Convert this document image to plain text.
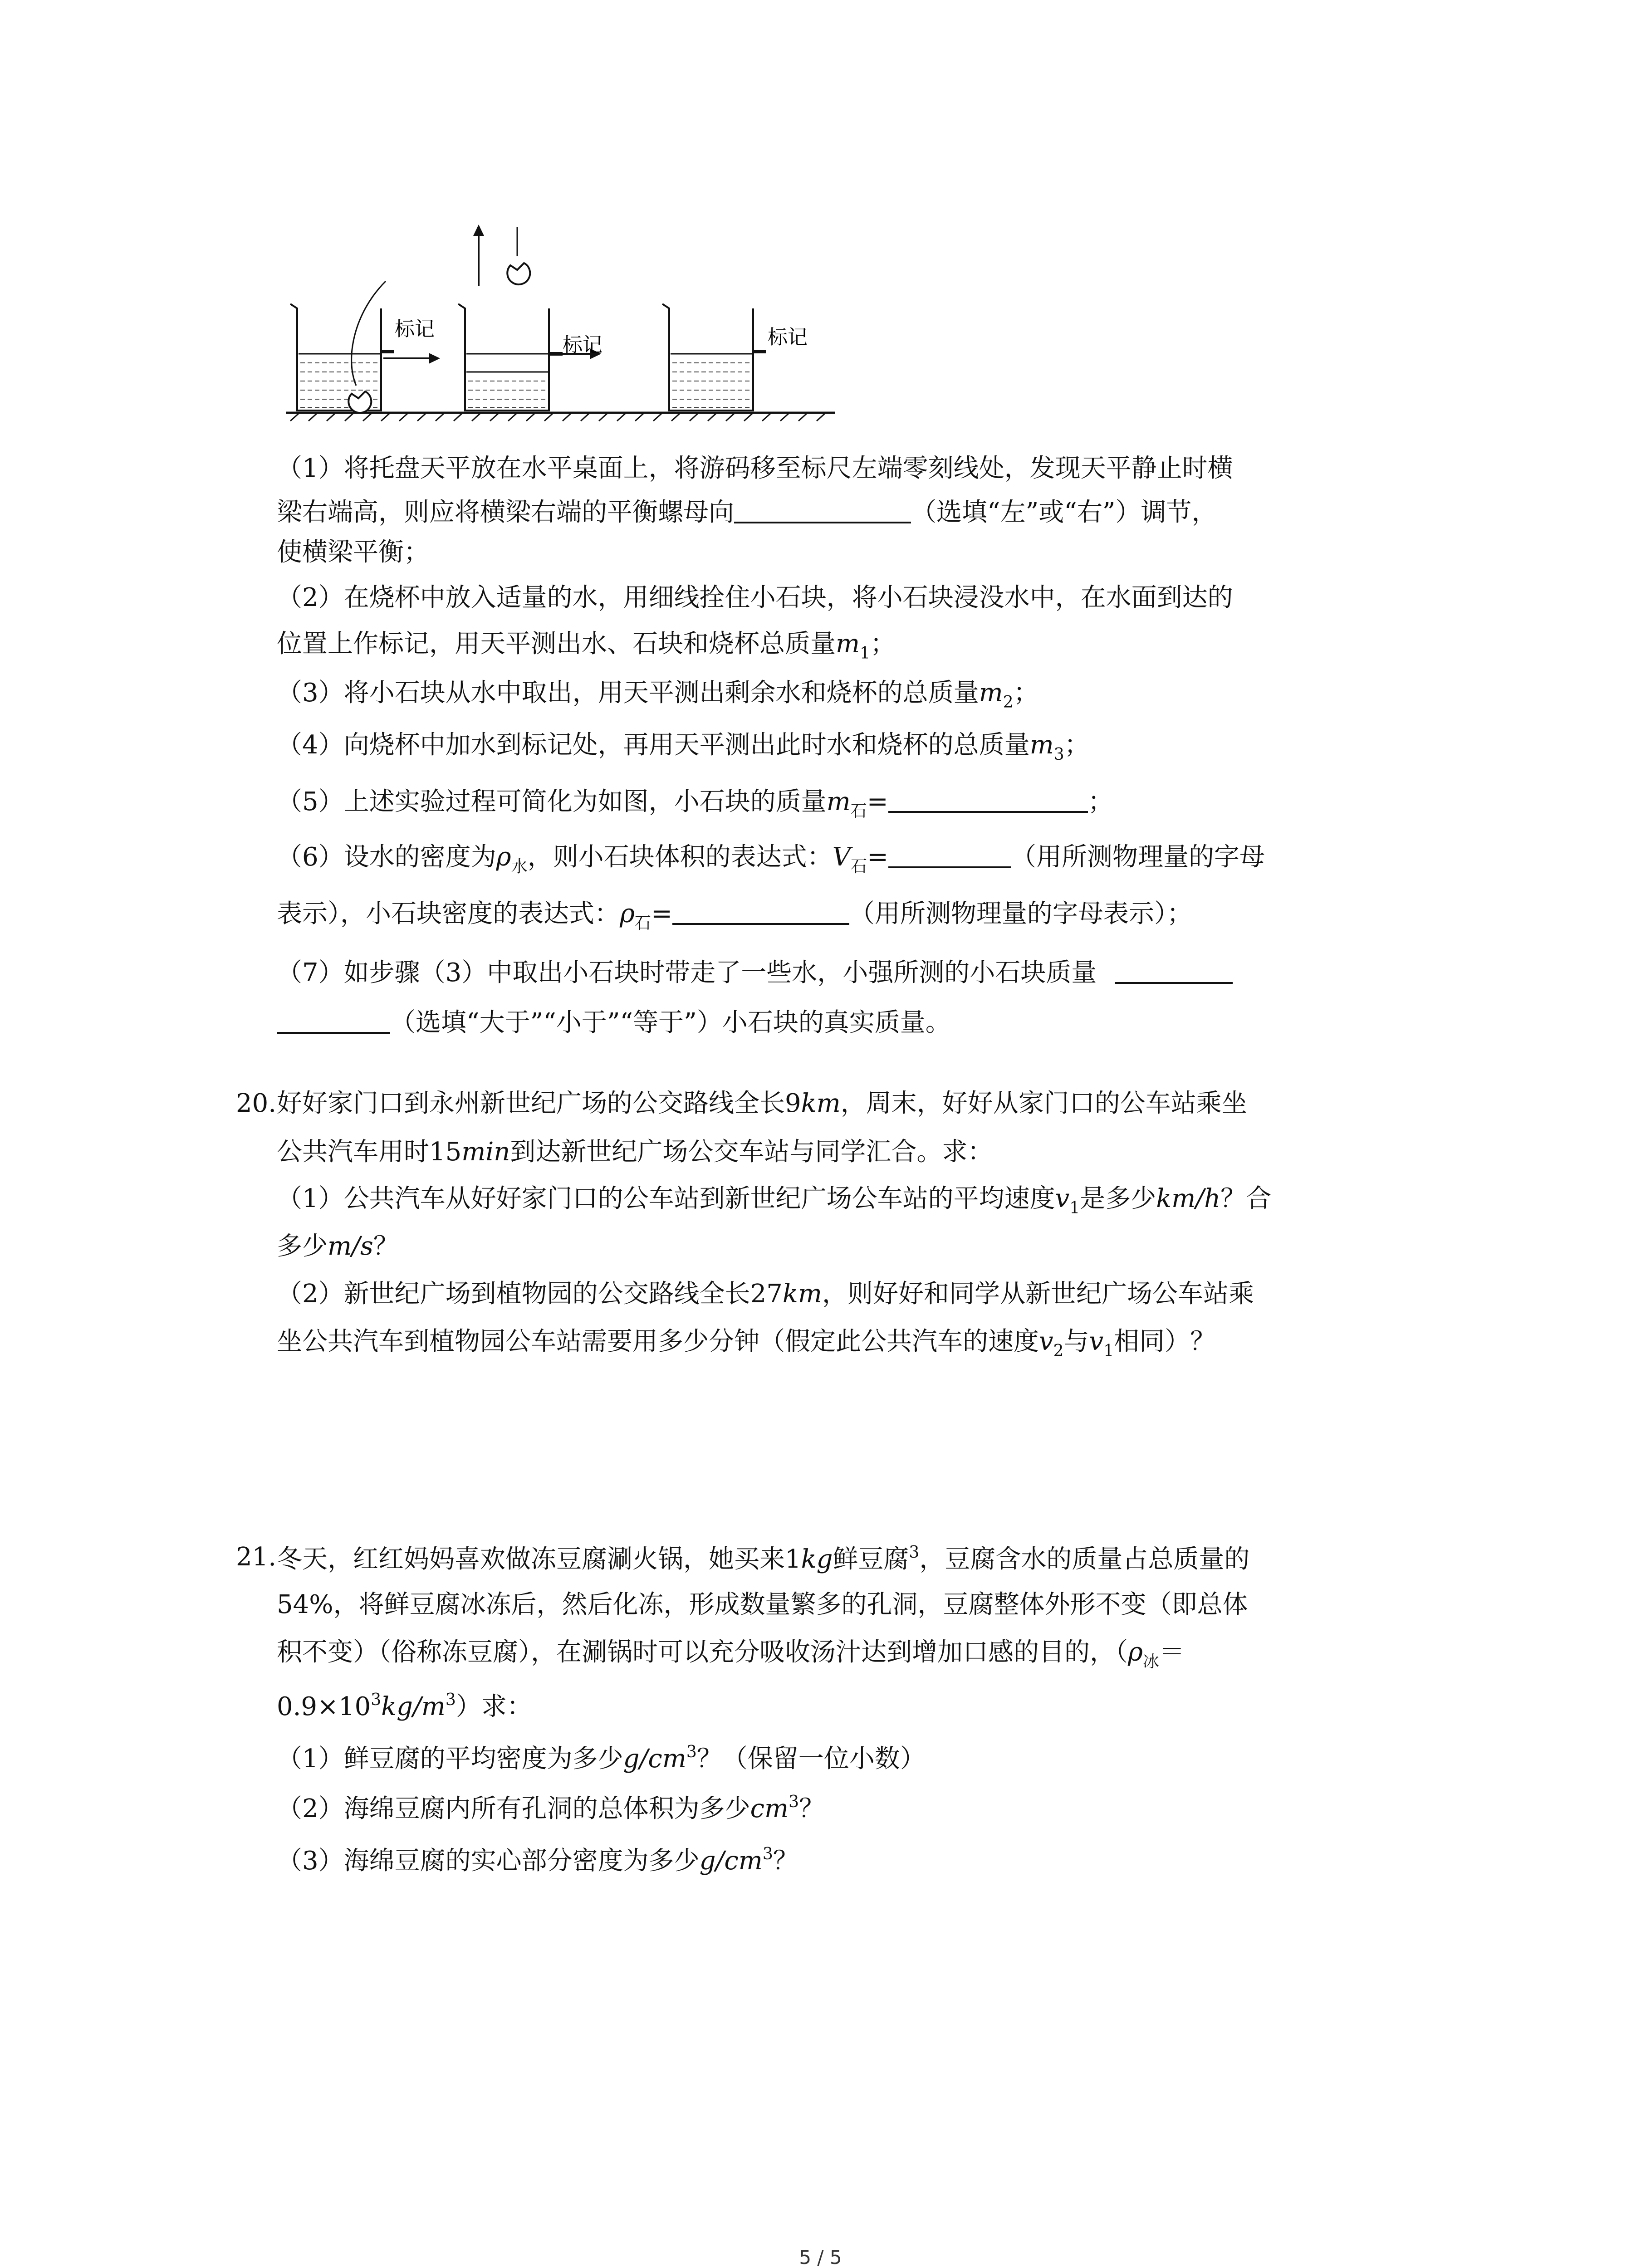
标记
标记	标记
（1）将托盘天平放在水平桌面上，将游码移至标尺左端零刻线处，发现天平静止时横
梁右端高，则应将横梁右端的平衡螺母向	（选填“左”或“右”）调节，
使横梁平衡；
（2）在烧杯中放入适量的水，用细线拴住小石块，将小石块浸没水中，在水面到达的
位置上作标记，用天平测出水、石块和烧杯总质量$m_1$；
（3）将小石块从水中取出，用天平测出剩余水和烧杯的总质量$m_2$；
（4）向烧杯中加水到标记处，再用天平测出此时水和烧杯的总质量$m_3$；
（5）上述实验过程可简化为如图，小石块的质量$m_石=$	；
（6）设水的密度为$\rho_水$，则小石块体积的表达式：$V_石=$	（用所测物理量的字母
表示），小石块密度的表达式：$\rho_石=$	（用所测物理量的字母表示）；
（7）如步骤（3）中取出小石块时带走了一些水，小强所测的小石块质量
（选填“大于”“小于”“等于”）小石块的真实质量。
20. 好好家门口到永州新世纪广场的公交路线全长9km，周末，好好从家门口的公车站乘坐
公共汽车用时15min到达新世纪广场公交车站与同学汇合。求：
（1）公共汽车从好好家门口的公车站到新世纪广场公车站的平均速度$v_1$是多少km/h？合
多少m/s？
（2）新世纪广场到植物园的公交路线全长27km，则好好和同学从新世纪广场公车站乘
坐公共汽车到植物园公车站需要用多少分钟（假定此公共汽车的速度$v_2$与$v_1$相同）？
21. 冬天，红红妈妈喜欢做冻豆腐涮火锅，她买来1kg鲜豆腐$^3$，豆腐含水的质量占总质量的
54%，将鲜豆腐冰冻后，然后化冻，形成数量繁多的孔洞，豆腐整体外形不变（即总体
积不变）（俗称冻豆腐），在涮锅时可以充分吸收汤汁达到增加口感的目的，（$\rho_冰=$
$0.9\times 10^3kg/m^3$）求：
（1）鲜豆腐的平均密度为多少$g/cm^3$？（保留一位小数）
（2）海绵豆腐内所有孔洞的总体积为多少$cm^3$？
（3）海绵豆腐的实心部分密度为多少$g/cm^3$？
5 / 5
